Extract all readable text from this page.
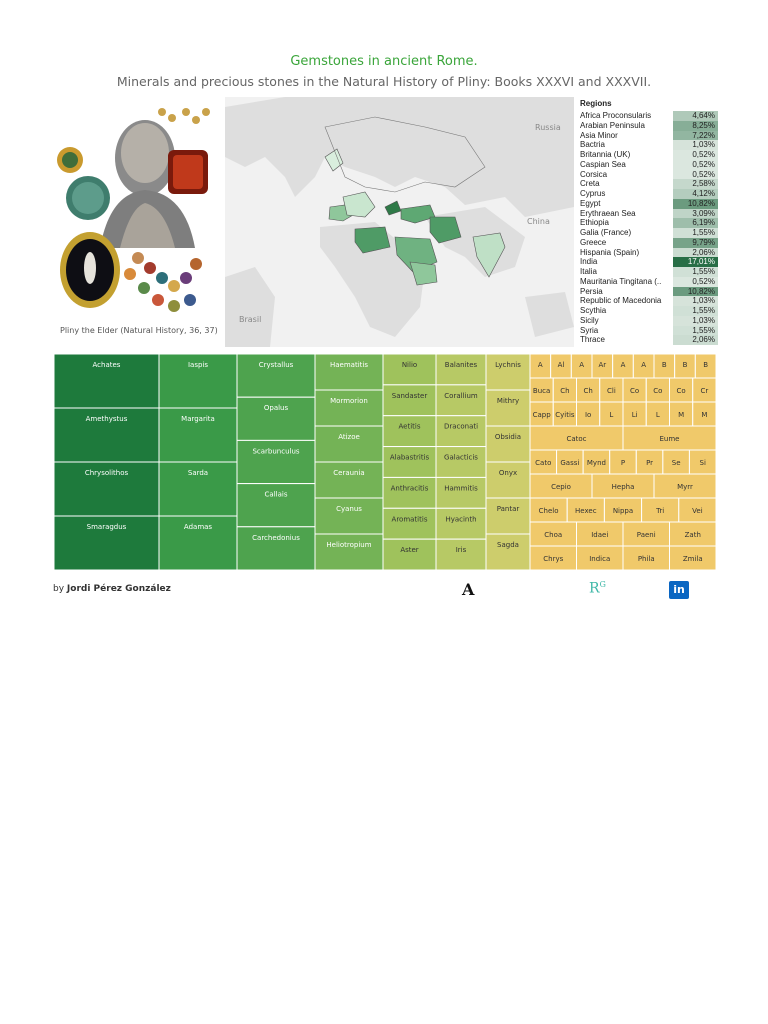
Gemstones in ancient Rome.
Minerals and precious stones in the Natural History of Pliny: Books XXXVI and XXXVII.
Pliny the Elder (Natural History, 36, 37)
Russia
China
Brasil
Regions
Africa Proconsularis	4,64%
Arabian Peninsula	8,25%
Asia Minor	7,22%
Bactria	1,03%
Britannia (UK)	0,52%
Caspian Sea	0,52%
Corsica	0,52%
Creta	2,58%
Cyprus	4,12%
Egypt	10,82%
Erythraean Sea	3,09%
Ethiopia	6,19%
Galia (France)	1,55%
Greece	9,79%
Hispania (Spain)	2,06%
India	17,01%
Italia	1,55%
Mauritania Tingitana (..	0,52%
Persia	10,82%
Republic of Macedonia	1,03%
Scythia	1,55%
Sicily	1,03%
Syria	1,55%
Thrace	2,06%
Achates
Amethystus
Chrysolithos
Smaragdus
Iaspis
Margarita
Sarda
Adamas
Crystallus
Opalus
Scarbunculus
Callais
Carchedonius
Haematitis
Mormorion
Atizoe
Ceraunia
Cyanus
Heliotropium
Nilio
Sandaster
Aetitis
Alabastritis
Anthracitis
Aromatitis
Aster
Balanites
Corallium
Draconati
Galacticis
Hammitis
Hyacinth
Iris
Lychnis
Mithry
Obsidia
Onyx
Pantar
Sagda
A Al A Ar A A B B B
Buca Ch Ch Cli Co Co Co Cr
Capp Cyitis Io	L	Li	L	M M
Catoc	Eume
Cato Gassi Mynd P	Pr	Se	Si
Cepio	Hepha	Myrr
Chelo Hexec Nippa	Tri	Vei
Choa	Idaei	Paeni	Zath
Chrys	Indica	Phila	Zmila
by Jordi Pérez González	A	$R^G$	in
